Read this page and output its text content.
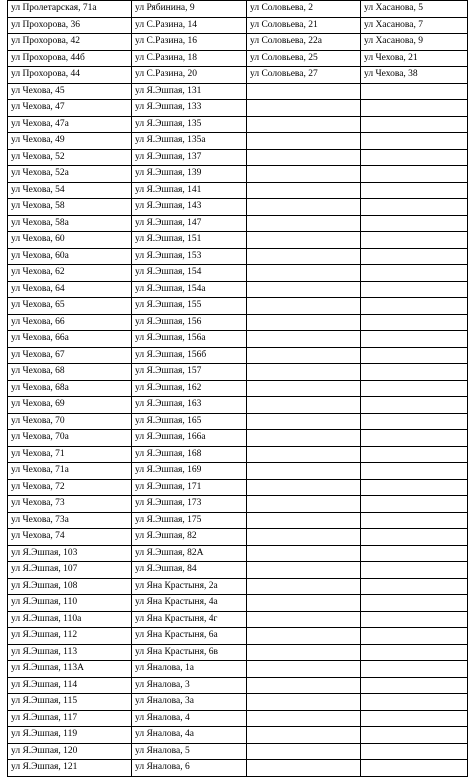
ул Пролетарская, 71а	ул Рябинина, 9	ул Соловьева, 2	ул Хасанова, 5
ул Прохорова, 36	ул С.Разина, 14	ул Соловьева, 21	ул Хасанова, 7
ул Прохорова, 42	ул С.Разина, 16	ул Соловьева, 22а	ул Хасанова, 9
ул Прохорова, 44б	ул С.Разина, 18	ул Соловьева, 25	ул Чехова, 21
ул Прохорова, 44	ул С.Разина, 20	ул Соловьева, 27	ул Чехова, 38
ул Чехова, 45	ул Я.Эшпая, 131		
ул Чехова, 47	ул Я.Эшпая, 133		
ул Чехова, 47а	ул Я.Эшпая, 135		
ул Чехова, 49	ул Я.Эшпая, 135а		
ул Чехова, 52	ул Я.Эшпая, 137		
ул Чехова, 52а	ул Я.Эшпая, 139		
ул Чехова, 54	ул Я.Эшпая, 141		
ул Чехова, 58	ул Я.Эшпая, 143		
ул Чехова, 58а	ул Я.Эшпая, 147		
ул Чехова, 60	ул Я.Эшпая, 151		
ул Чехова, 60а	ул Я.Эшпая, 153		
ул Чехова, 62	ул Я.Эшпая, 154		
ул Чехова, 64	ул Я.Эшпая, 154а		
ул Чехова, 65	ул Я.Эшпая, 155		
ул Чехова, 66	ул Я.Эшпая, 156		
ул Чехова, 66а	ул Я.Эшпая, 156а		
ул Чехова, 67	ул Я.Эшпая, 156б		
ул Чехова, 68	ул Я.Эшпая, 157		
ул Чехова, 68а	ул Я.Эшпая, 162		
ул Чехова, 69	ул Я.Эшпая, 163		
ул Чехова, 70	ул Я.Эшпая, 165		
ул Чехова, 70а	ул Я.Эшпая, 166а		
ул Чехова, 71	ул Я.Эшпая, 168		
ул Чехова, 71а	ул Я.Эшпая, 169		
ул Чехова, 72	ул Я.Эшпая, 171		
ул Чехова, 73	ул Я.Эшпая, 173		
ул Чехова, 73а	ул Я.Эшпая, 175		
ул Чехова, 74	ул Я.Эшпая, 82		
ул Я.Эшпая, 103	ул Я.Эшпая, 82А		
ул Я.Эшпая, 107	ул Я.Эшпая, 84		
ул Я.Эшпая, 108	ул Яна Крастыня, 2а		
ул Я.Эшпая, 110	ул Яна Крастыня, 4а		
ул Я.Эшпая, 110а	ул Яна Крастыня, 4г		
ул Я.Эшпая, 112	ул Яна Крастыня, 6а		
ул Я.Эшпая, 113	ул Яна Крастыня, 6в		
ул Я.Эшпая, 113А	ул Яналова, 1а		
ул Я.Эшпая, 114	ул Яналова, 3		
ул Я.Эшпая, 115	ул Яналова, 3а		
ул Я.Эшпая, 117	ул Яналова, 4		
ул Я.Эшпая, 119	ул Яналова, 4а		
ул Я.Эшпая, 120	ул Яналова, 5		
ул Я.Эшпая, 121	ул Яналова, 6		
